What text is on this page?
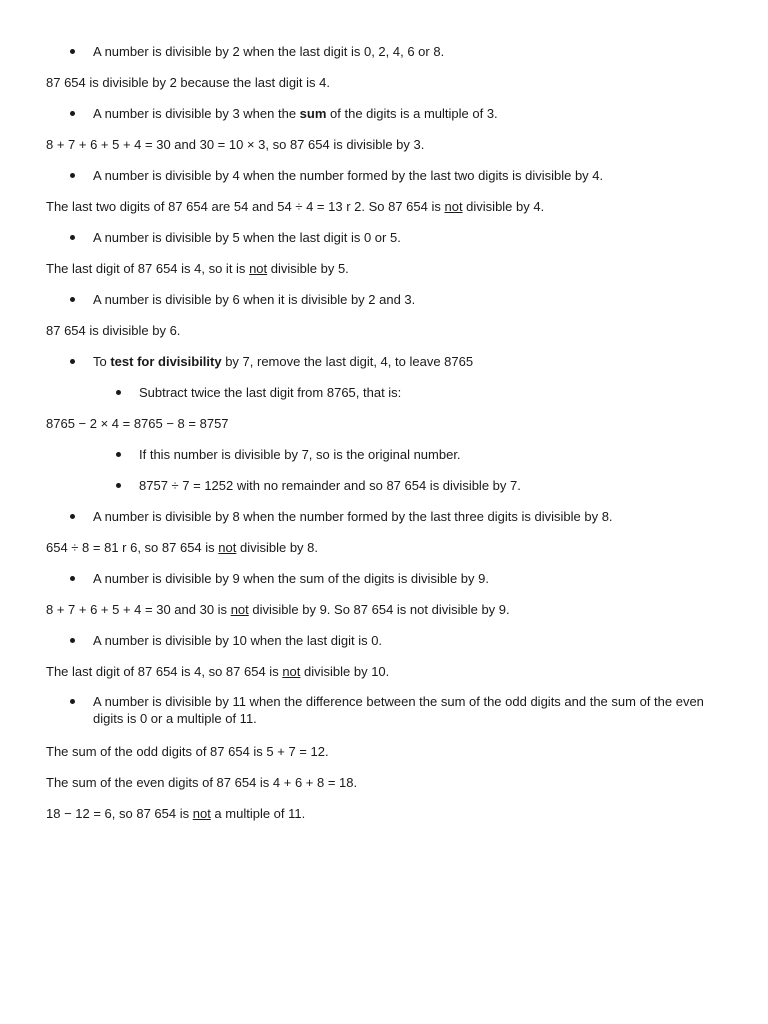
A number is divisible by 2 when the last digit is 0, 2, 4, 6 or 8.
87 654 is divisible by 2 because the last digit is 4.
A number is divisible by 3 when the sum of the digits is a multiple of 3.
8 + 7 + 6 + 5 + 4 = 30 and 30 = 10 × 3, so 87 654 is divisible by 3.
A number is divisible by 4 when the number formed by the last two digits is divisible by 4.
The last two digits of 87 654 are 54 and 54 ÷ 4 = 13 r 2. So 87 654 is not divisible by 4.
A number is divisible by 5 when the last digit is 0 or 5.
The last digit of 87 654 is 4, so it is not divisible by 5.
A number is divisible by 6 when it is divisible by 2 and 3.
87 654 is divisible by 6.
To test for divisibility by 7, remove the last digit, 4, to leave 8765
Subtract twice the last digit from 8765, that is:
8765 − 2 × 4 = 8765 − 8 = 8757
If this number is divisible by 7, so is the original number.
8757 ÷ 7 = 1252 with no remainder and so 87 654 is divisible by 7.
A number is divisible by 8 when the number formed by the last three digits is divisible by 8.
654 ÷ 8 = 81 r 6, so 87 654 is not divisible by 8.
A number is divisible by 9 when the sum of the digits is divisible by 9.
8 + 7 + 6 + 5 + 4 = 30 and 30 is not divisible by 9. So 87 654 is not divisible by 9.
A number is divisible by 10 when the last digit is 0.
The last digit of 87 654 is 4, so 87 654 is not divisible by 10.
A number is divisible by 11 when the difference between the sum of the odd digits and the sum of the even digits is 0 or a multiple of 11.
The sum of the odd digits of 87 654 is 5 + 7 = 12.
The sum of the even digits of 87 654 is 4 + 6 + 8 = 18.
18 − 12 = 6, so 87 654 is not a multiple of 11.
